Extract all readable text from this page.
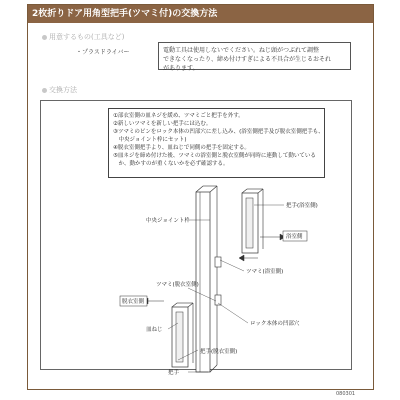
2枚折りドア用角型把手(ツマミ付)の交換方法
用意するもの(工具など)
・プラスドライバー	電動工具は使用しないでください。ねじ頭がつぶれて調整
できなくなったり、締め付けすぎによる不具合が生じるおそれ
があります。
交換方法
①部衣室側の皿ネジを緩め、ツマミごと把手を外す。
②新しいツマミを新しい把手には込む。
③ツマミのピンをロック本体の凹部穴に差し込み、(浴室側把手及び脱衣室側把手も、
　中央ジョイント枠にセット)
④脱衣室側把手より、皿ねじで同側の把手を固定する。
⑤皿ネジを締め付けた後、ツマミの浴室側と脱衣室側が同時に連動して動いている
　か、動かすのが重くないかを必ず確認する。
把手(浴室側)
浴室側
中央ジョイント枠
ツマミ(浴室側)
ツマミ(脱衣室側)
脱衣室側
ロック本体の凹部穴
皿ねじ
把手(脱衣室側)
把手
080301
